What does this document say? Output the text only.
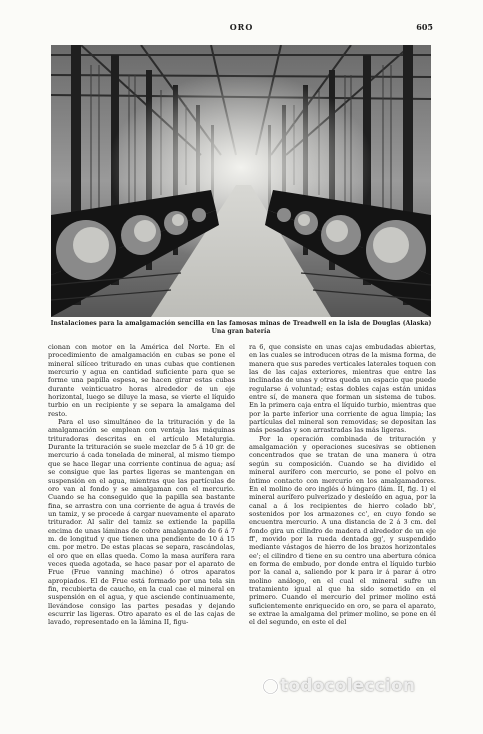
ORO	605
Instalaciones para la amalgamación sencilla en las famosas minas de Treadwell en la isla de Douglas (Alaska)
Una gran batería

cionan con motor en la América del Norte. En el procedimiento de amalgamación en cubas se pone el mineral silíceo triturado en unas cubas que contienen mercurio y agua en cantidad suficiente para que se forme una papilla espesa, se hacen girar estas cubas durante veinticuatro horas alrededor de un eje horizontal, luego se diluye la masa, se vierte el líquido turbio en un recipiente y se separa la amalgama del resto.

Para el uso simultáneo de la trituración y de la amalgamación se emplean con ventaja las máquinas trituradoras descritas en el artículo Metalurgia. Durante la trituración se suele mezclar de 5 á 10 gr. de mercurio á cada tonelada de mineral, al mismo tiempo que se hace llegar una corriente continua de agua; así se consigue que las partes ligeras se mantengan en suspensión en el agua, mientras que las partículas de oro van al fondo y se amalgaman con el mercurio. Cuando se ha conseguido que la papilla sea bastante fina, se arrastra con una corriente de agua á través de un tamiz, y se procede á cargar nuevamente el aparato triturador. Al salir del tamiz se extiende la papilla encima de unas láminas de cobre amalgamado de 6 á 7 m. de longitud y que tienen una pendiente de 10 á 15 cm. por metro. De estas placas se separa, rascándolas, el oro que en ellas queda. Como la masa aurífera rara veces queda agotada, se hace pasar por el aparato de Frue (Frue vanning machine) ó otros aparatos apropiados. El de Frue está formado por una tela sin fin, recubierta de caucho, en la cual cae el mineral en suspensión en el agua, y que asciende continuamente, llevándose consigo las partes pesadas y dejando escurrir las ligeras. Otro aparato es el de las cajas de lavado, representado en la lámina II, figu-

ra 6, que consiste en unas cajas embudadas abiertas, en las cuales se introducen otras de la misma forma, de manera que sus paredes verticales laterales toquen con las de las cajas exteriores, mientras que entre las inclinadas de unas y otras queda un espacio que puede regularse á voluntad; estas dobles cajas están unidas entre sí, de manera que forman un sistema de tubos. En la primera caja entra el líquido turbio, mientras que por la parte inferior una corriente de agua limpia; las partículas del mineral son removidas; se depositan las más pesadas y son arrastradas las más ligeras.

Por la operación combinada de trituración y amalgamación y operaciones sucesivas se obtienen concentrados que se tratan de una manera ú otra según su composición. Cuando se ha dividido el mineral aurífero con mercurio, se pone el polvo en íntimo contacto con mercurio en los amalgamadores. En el molino de oro inglés ó húngaro (lám. II, fig. 1) el mineral aurífero pulverizado y desleído en agua, por la canal a á los recipientes de hierro colado bb', sostenidos por los armazones cc', en cuyo fondo se encuentra mercurio. A una distancia de 2 á 3 cm. del fondo gira un cilindro de madera d alrededor de un eje ff', movido por la rueda dentada gg', y suspendido mediante vástagos de hierro de los brazos horizontales ee'; el cilindro d tiene en su centro una abertura cónica en forma de embudo, por donde entra el líquido turbio por la canal a, saliendo por k para ir á parar á otro molino análogo, en el cual el mineral sufre un tratamiento igual al que ha sido sometido en el primero. Cuando el mercurio del primer molino está suficientemente enriquecido en oro, se para el aparato, se extrae la amalgama del primer molino, se pone en él el del segundo, en este el del

todocoleccion
